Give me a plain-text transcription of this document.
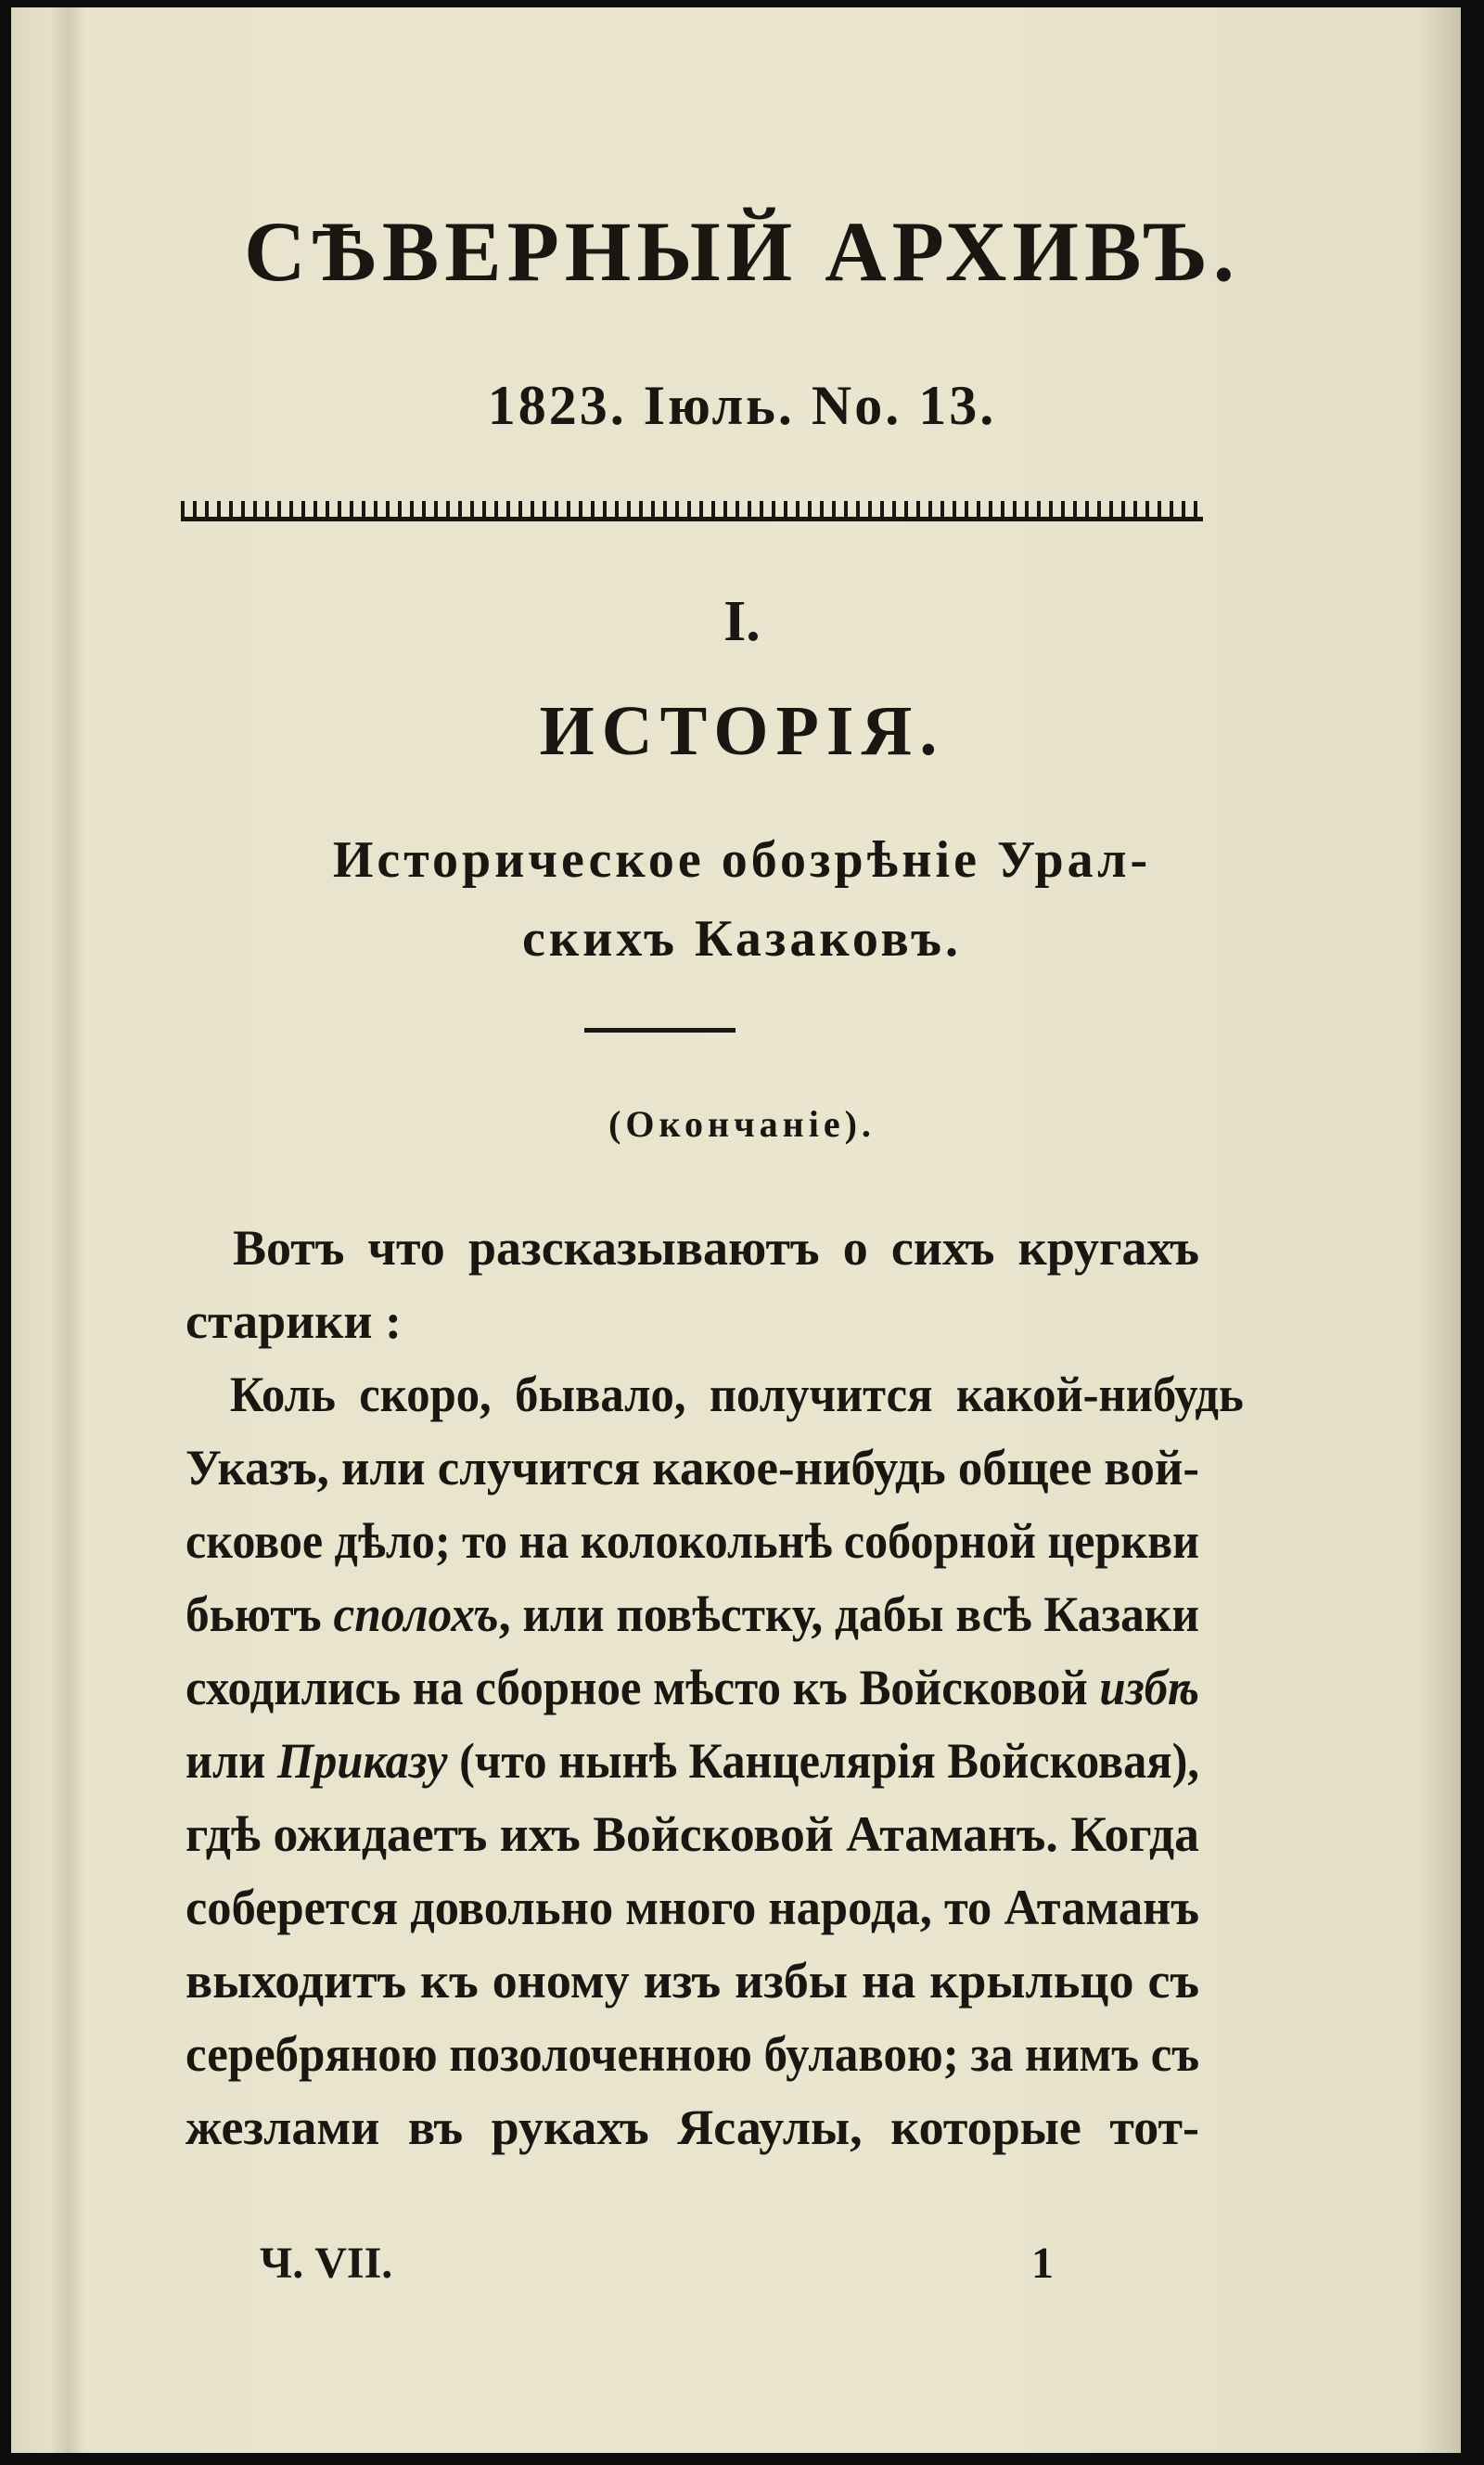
СѢВЕРНЫЙ АРХИВЪ.
1823. Іюль. No. 13.
I.
ИСТОРІЯ.
Историческое обозрѣніе Урал-
скихъ Казаковъ.
(Окончаніе).
Вотъ что разсказываютъ о сихъ кругахъ
старики :
Коль скоро, бывало, получится какой-нибудь
Указъ, или случится какое-нибудь общее вой-
сковое дѣло; то на колокольнѣ соборной церкви
бьютъ сполохъ, или повѣстку, дабы всѣ Казаки
сходились на сборное мѣсто къ Войсковой избѣ
или Приказу (что нынѣ Канцелярія Войсковая),
гдѣ ожидаетъ ихъ Войсковой Атаманъ. Когда
соберется довольно много народа, то Атаманъ
выходитъ къ оному изъ избы на крыльцо съ
серебряною позолоченною булавою; за нимъ съ
жезлами въ рукахъ Ясаулы, которые тот-
Ч. VII.	1
